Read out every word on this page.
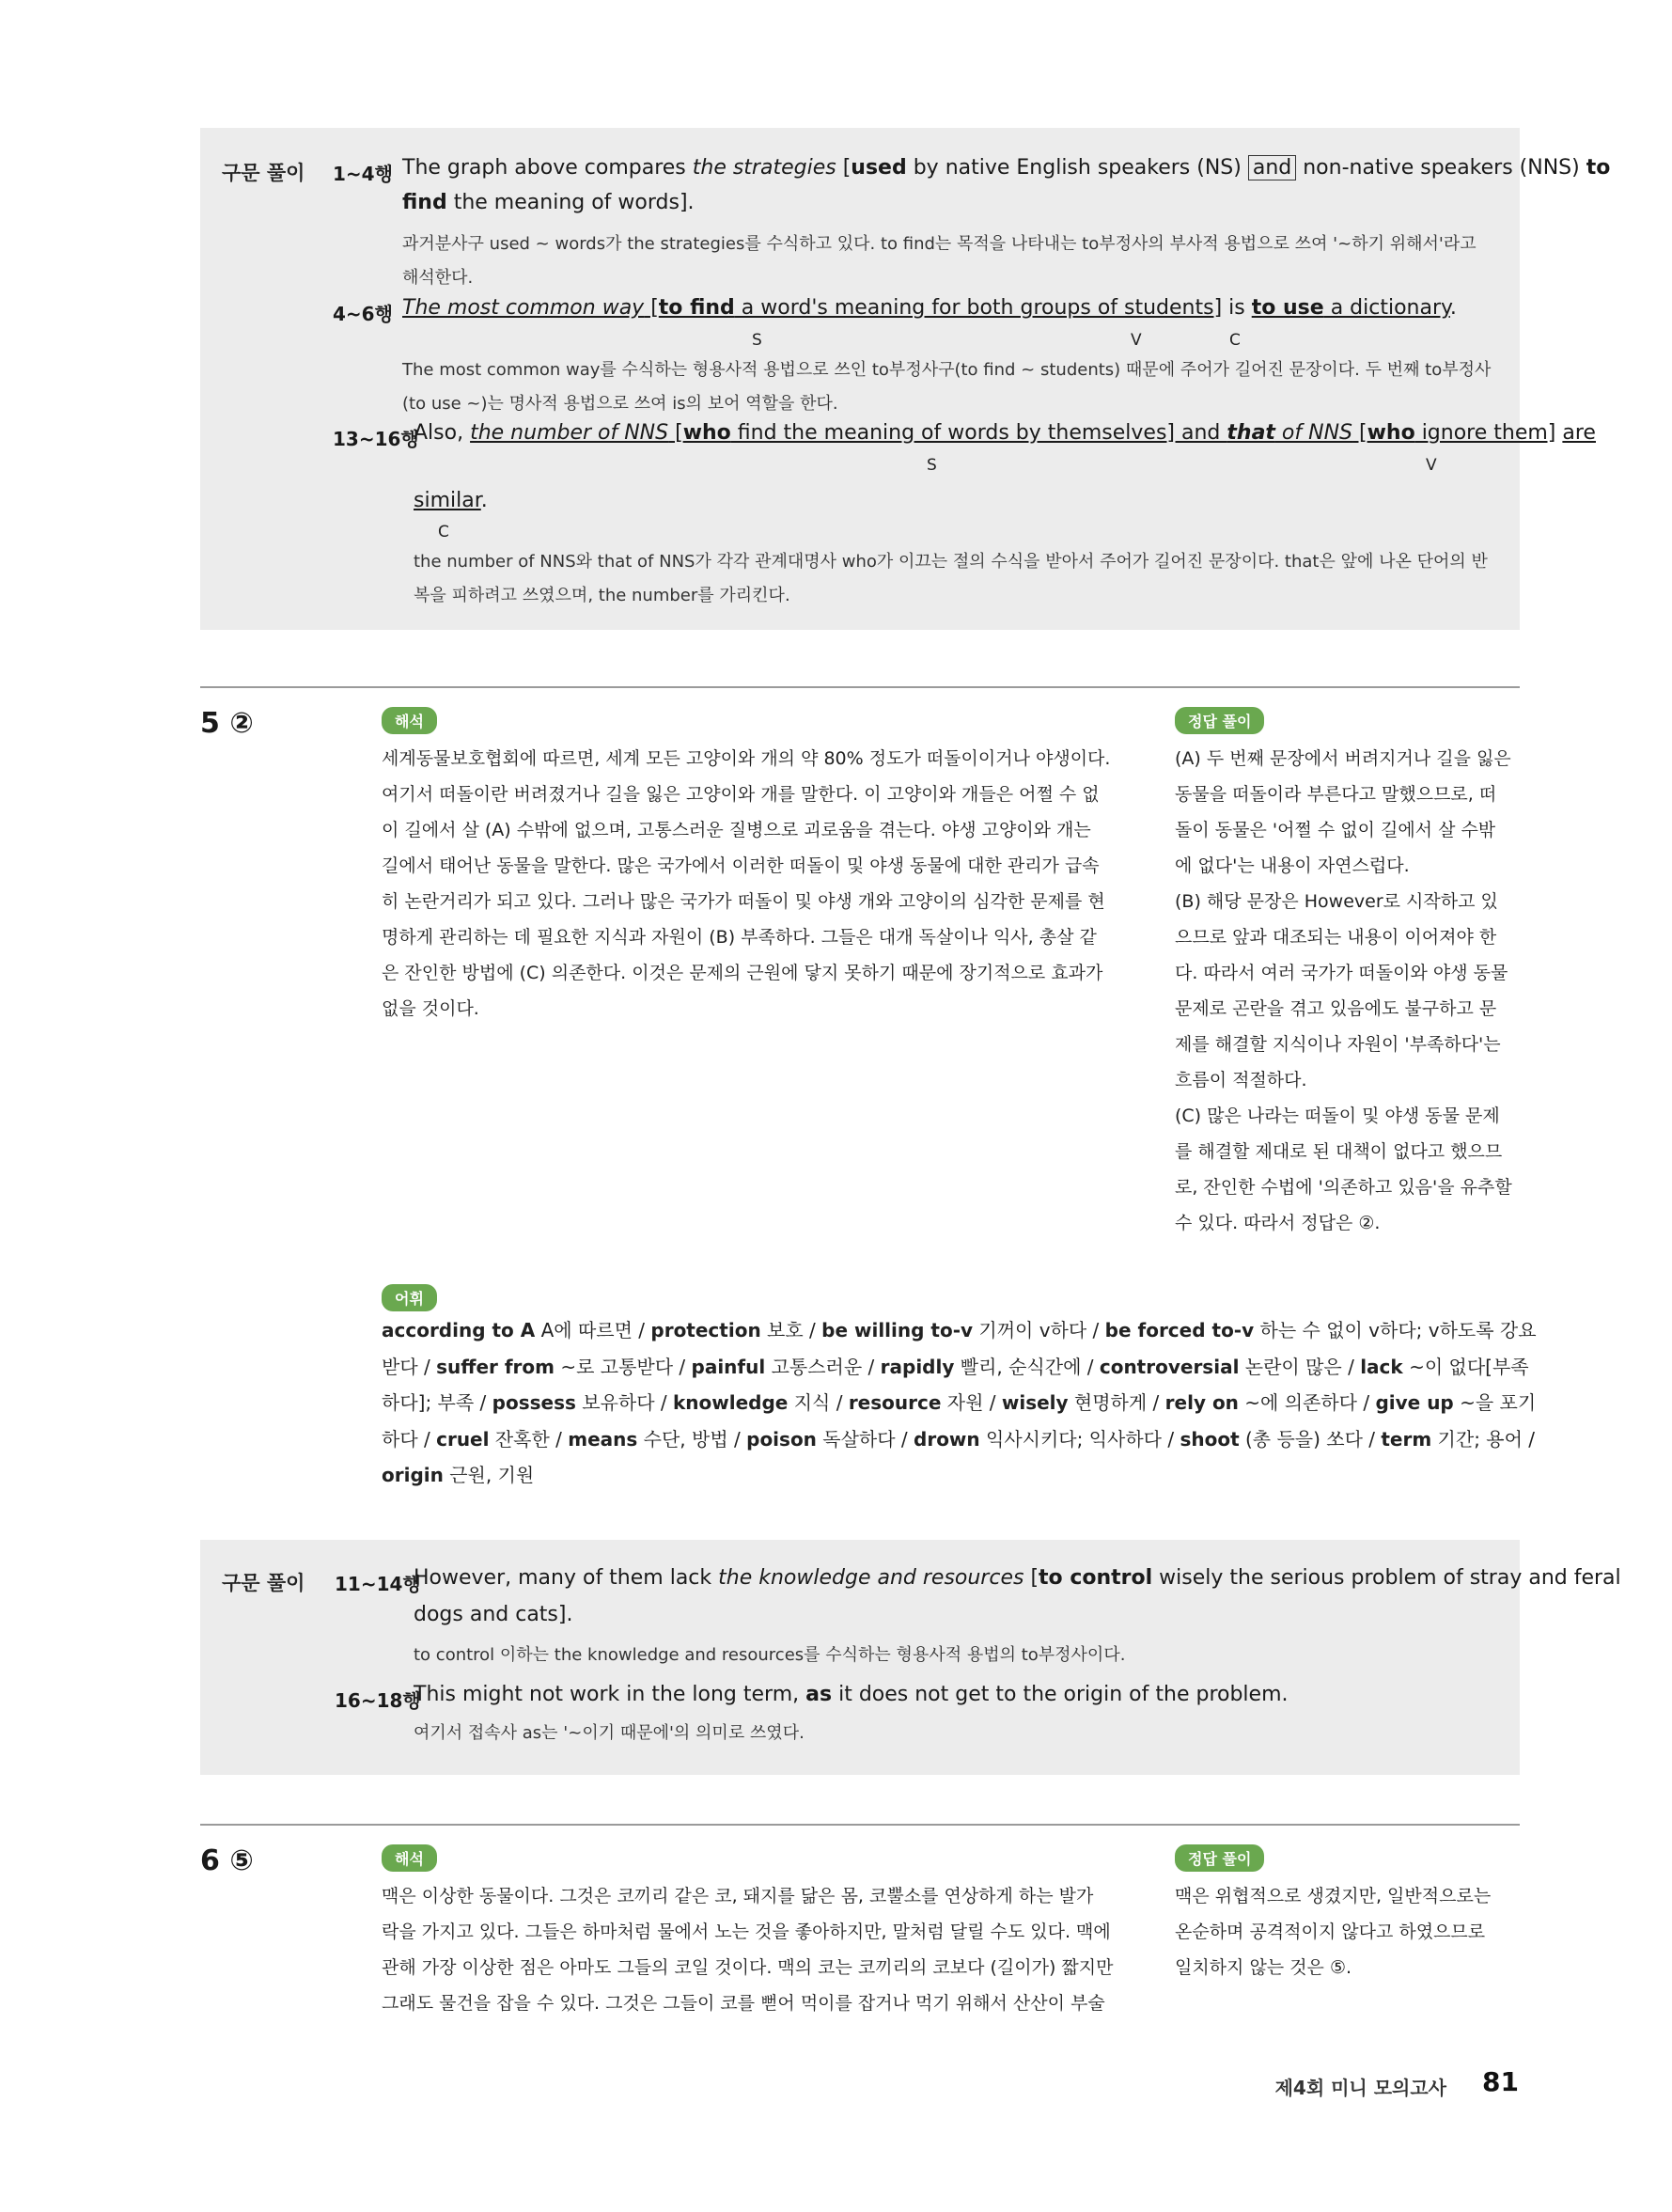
구문 풀이 1~4행 The graph above compares the strategies [used by native English speakers (NS) and non-native speakers (NNS) to
find the meaning of words].
과거분사구 used ~ words가 the strategies를 수식하고 있다. to find는 목적을 나타내는 to부정사의 부사적 용법으로 쓰여 '~하기 위해서'라고
해석한다.
4~6행 The most common way [to find a word's meaning for both groups of students] is to use a dictionary.
S	V	C
The most common way를 수식하는 형용사적 용법으로 쓰인 to부정사구(to find ~ students) 때문에 주어가 길어진 문장이다. 두 번째 to부정사
(to use ~)는 명사적 용법으로 쓰여 is의 보어 역할을 한다.
13~16행
Also, the number of NNS [who find the meaning of words by themselves] and that of NNS [who ignore them] are
S	V
similar.
C
the number of NNS와 that of NNS가 각각 관계대명사 who가 이끄는 절의 수식을 받아서 주어가 길어진 문장이다. that은 앞에 나온 단어의 반
복을 피하려고 쓰였으며, the number를 가리킨다.
5 ②	해석

세계동물보호협회에 따르면, 세계 모든 고양이와 개의 약 80% 정도가 떠돌이이거나 야생이다.

여기서 떠돌이란 버려졌거나 길을 잃은 고양이와 개를 말한다. 이 고양이와 개들은 어쩔 수 없

이 길에서 살 (A) 수밖에 없으며, 고통스러운 질병으로 괴로움을 겪는다. 야생 고양이와 개는

길에서 태어난 동물을 말한다. 많은 국가에서 이러한 떠돌이 및 야생 동물에 대한 관리가 급속

히 논란거리가 되고 있다. 그러나 많은 국가가 떠돌이 및 야생 개와 고양이의 심각한 문제를 현

명하게 관리하는 데 필요한 지식과 자원이 (B) 부족하다. 그들은 대개 독살이나 익사, 총살 같

은 잔인한 방법에 (C) 의존한다. 이것은 문제의 근원에 닿지 못하기 때문에 장기적으로 효과가

없을 것이다.

정답 풀이

(A) 두 번째 문장에서 버려지거나 길을 잃은

동물을 떠돌이라 부른다고 말했으므로, 떠

돌이 동물은 '어쩔 수 없이 길에서 살 수밖

에 없다'는 내용이 자연스럽다.

(B) 해당 문장은 However로 시작하고 있

으므로 앞과 대조되는 내용이 이어져야 한

다. 따라서 여러 국가가 떠돌이와 야생 동물

문제로 곤란을 겪고 있음에도 불구하고 문

제를 해결할 지식이나 자원이 '부족하다'는

흐름이 적절하다.

(C) 많은 나라는 떠돌이 및 야생 동물 문제

를 해결할 제대로 된 대책이 없다고 했으므

로, 잔인한 수법에 '의존하고 있음'을 유추할

수 있다. 따라서 정답은 ②.

어휘

according to A A에 따르면 / protection 보호 / be willing to-v 기꺼이 v하다 / be forced to-v 하는 수 없이 v하다; v하도록 강요

받다 / suffer from ~로 고통받다 / painful 고통스러운 / rapidly 빨리, 순식간에 / controversial 논란이 많은 / lack ~이 없다[부족

하다]; 부족 / possess 보유하다 / knowledge 지식 / resource 자원 / wisely 현명하게 / rely on ~에 의존하다 / give up ~을 포기

하다 / cruel 잔혹한 / means 수단, 방법 / poison 독살하다 / drown 익사시키다; 익사하다 / shoot (총 등을) 쏘다 / term 기간; 용어 /

origin 근원, 기원

구문 풀이 11~14행
However, many of them lack the knowledge and resources [to control wisely the serious problem of stray and feral
dogs and cats].
to control 이하는 the knowledge and resources를 수식하는 형용사적 용법의 to부정사이다.
16~18행
This might not work in the long term, as it does not get to the origin of the problem.
여기서 접속사 as는 '~이기 때문에'의 의미로 쓰였다.
6 ⑤	해석

맥은 이상한 동물이다. 그것은 코끼리 같은 코, 돼지를 닮은 몸, 코뿔소를 연상하게 하는 발가

락을 가지고 있다. 그들은 하마처럼 물에서 노는 것을 좋아하지만, 말처럼 달릴 수도 있다. 맥에

관해 가장 이상한 점은 아마도 그들의 코일 것이다. 맥의 코는 코끼리의 코보다 (길이가) 짧지만

그래도 물건을 잡을 수 있다. 그것은 그들이 코를 뻗어 먹이를 잡거나 먹기 위해서 산산이 부술

정답 풀이

맥은 위협적으로 생겼지만, 일반적으로는

온순하며 공격적이지 않다고 하였으므로

일치하지 않는 것은 ⑤.

제4회 미니 모의고사 81
